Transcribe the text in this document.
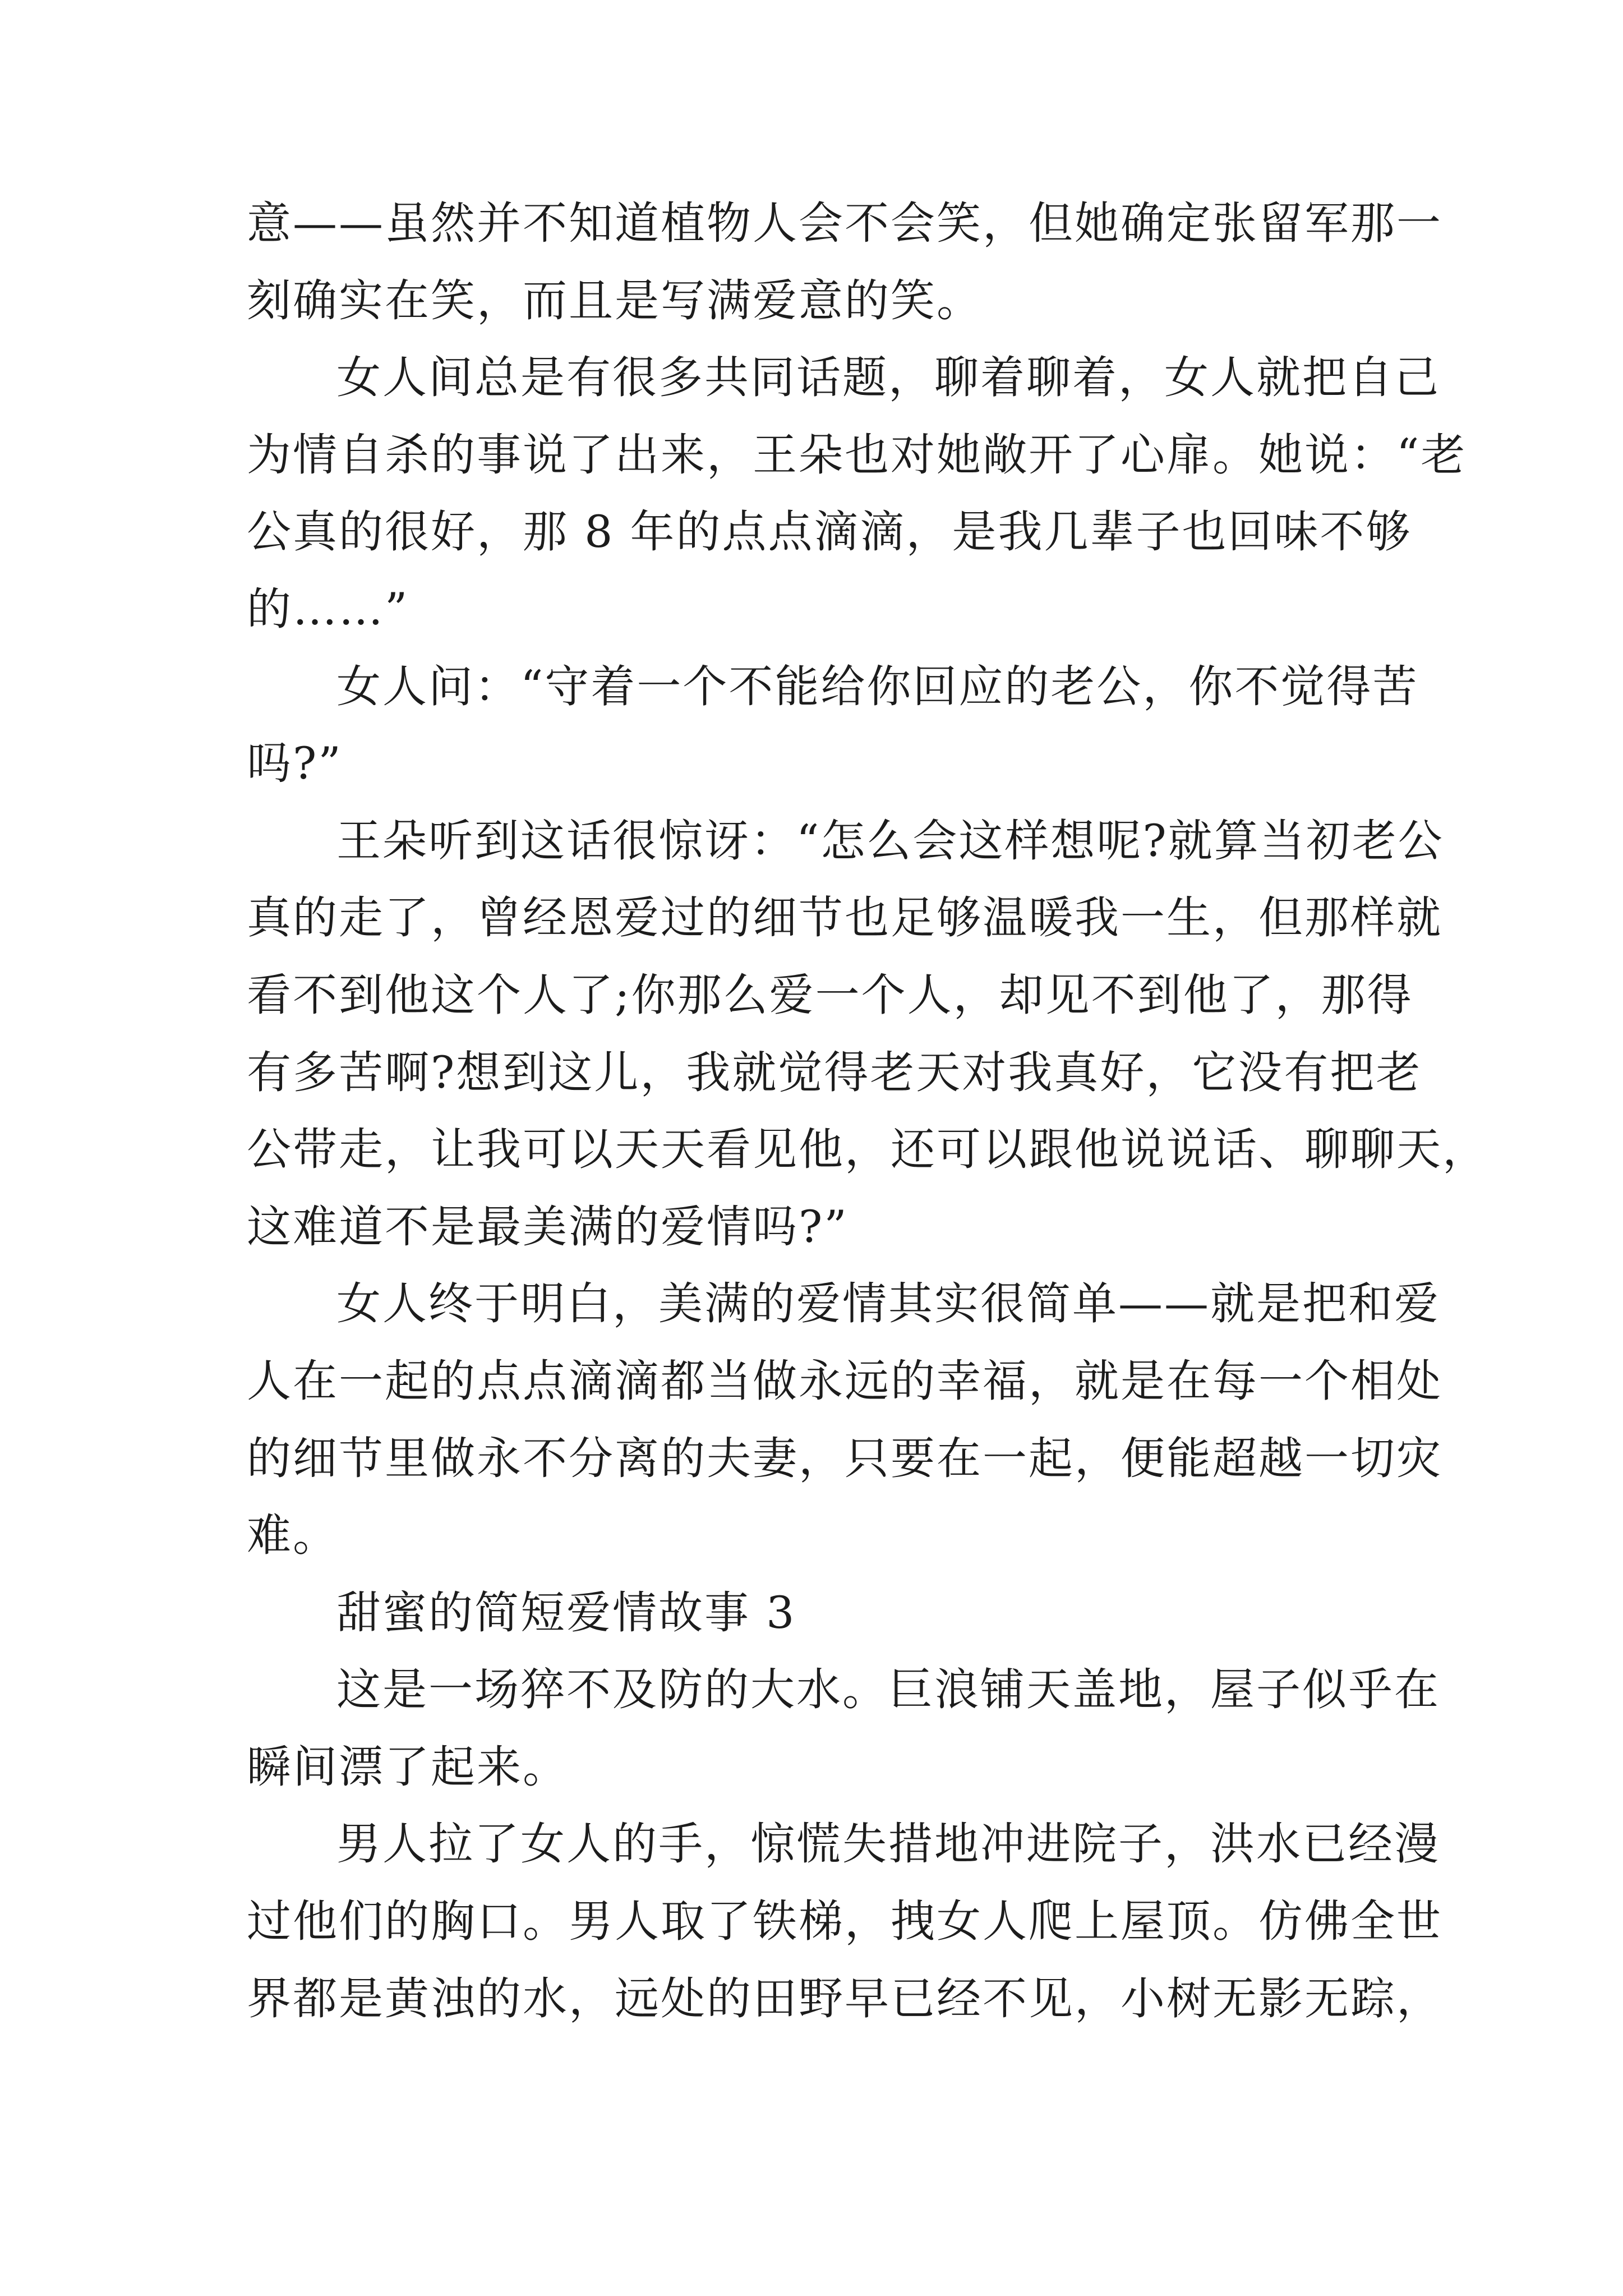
意——虽然并不知道植物人会不会笑，但她确定张留军那一
刻确实在笑，而且是写满爱意的笑。
女人间总是有很多共同话题，聊着聊着，女人就把自己
为情自杀的事说了出来，王朵也对她敞开了心扉。她说：“老
公真的很好，那 8 年的点点滴滴，是我几辈子也回味不够
的……”
女人问：“守着一个不能给你回应的老公，你不觉得苦
吗?”
王朵听到这话很惊讶：“怎么会这样想呢?就算当初老公
真的走了，曾经恩爱过的细节也足够温暖我一生，但那样就
看不到他这个人了;你那么爱一个人，却见不到他了，那得
有多苦啊?想到这儿，我就觉得老天对我真好，它没有把老
公带走，让我可以天天看见他，还可以跟他说说话、聊聊天，
这难道不是最美满的爱情吗?”
女人终于明白，美满的爱情其实很简单——就是把和爱
人在一起的点点滴滴都当做永远的幸福，就是在每一个相处
的细节里做永不分离的夫妻，只要在一起，便能超越一切灾
难。
甜蜜的简短爱情故事 3
这是一场猝不及防的大水。巨浪铺天盖地，屋子似乎在
瞬间漂了起来。
男人拉了女人的手，惊慌失措地冲进院子，洪水已经漫
过他们的胸口。男人取了铁梯，拽女人爬上屋顶。仿佛全世
界都是黄浊的水，远处的田野早已经不见，小树无影无踪，
